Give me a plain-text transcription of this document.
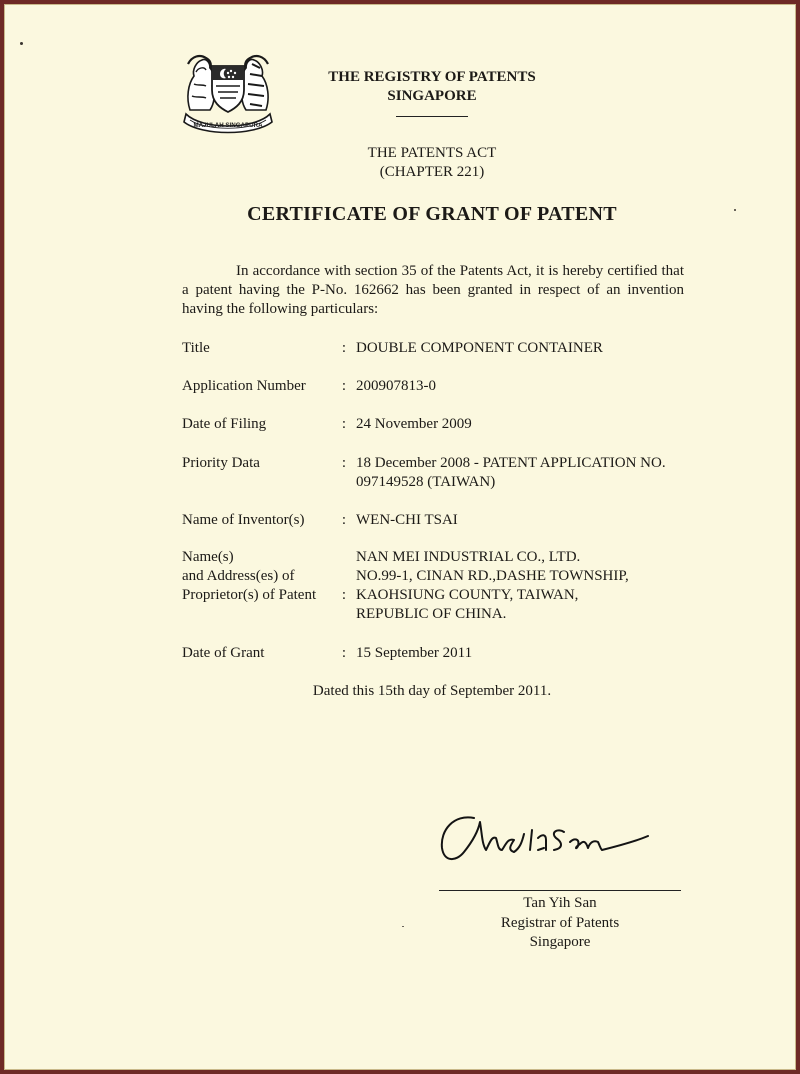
MAJULAH SINGAPURA
THE REGISTRY OF PATENTS
SINGAPORE
THE PATENTS ACT
(CHAPTER 221)
CERTIFICATE OF GRANT OF PATENT
In accordance with section 35 of the Patents Act, it is hereby certified that a patent having the P-No. 162662 has been granted in respect of an invention having the following particulars:
Title	: DOUBLE COMPONENT CONTAINER
Application Number	: 200907813-0
Date of Filing	: 24 November 2009
Priority Data	: 18 December 2008 - PATENT APPLICATION NO.
097149528 (TAIWAN)
Name of Inventor(s)	: WEN-CHI TSAI
Name(s)
and Address(es) of
Proprietor(s) of Patent	:
NAN MEI INDUSTRIAL CO., LTD.
NO.99-1, CINAN RD.,DASHE TOWNSHIP,
KAOHSIUNG COUNTY, TAIWAN,
REPUBLIC OF CHINA.
Date of Grant	: 15 September 2011
Dated this 15th day of September 2011.
Tan Yih San
Registrar of Patents
Singapore
